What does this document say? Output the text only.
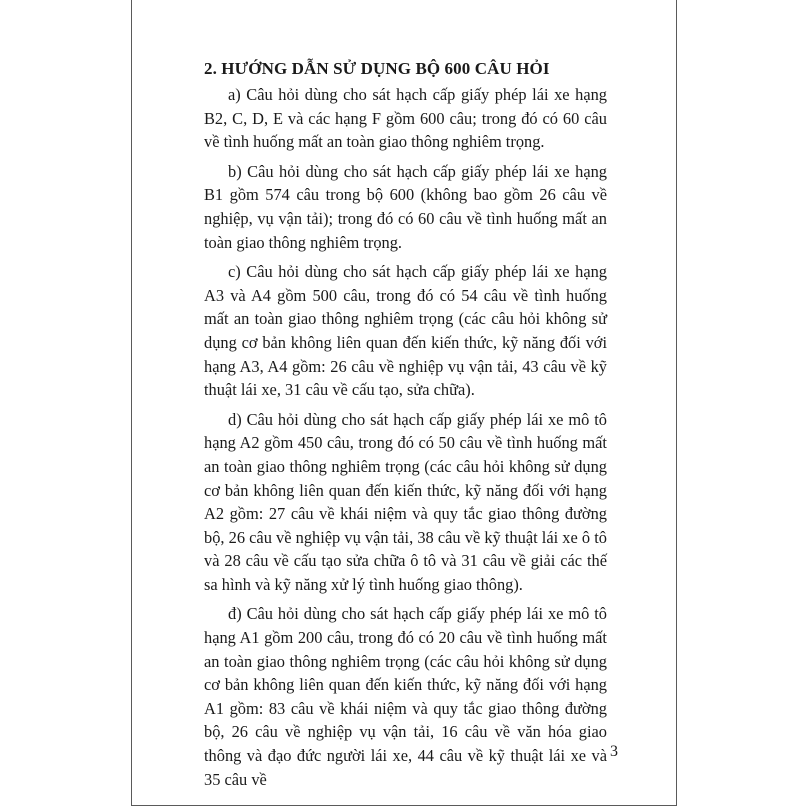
2. HƯỚNG DẪN SỬ DỤNG BỘ 600 CÂU HỎI

a) Câu hỏi dùng cho sát hạch cấp giấy phép lái xe hạng B2, C, D, E và các hạng F gồm 600 câu; trong đó có 60 câu về tình huống mất an toàn giao thông nghiêm trọng.

b) Câu hỏi dùng cho sát hạch cấp giấy phép lái xe hạng B1 gồm 574 câu trong bộ 600 (không bao gồm 26 câu về nghiệp, vụ vận tải); trong đó có 60 câu về tình huống mất an toàn giao thông nghiêm trọng.

c) Câu hỏi dùng cho sát hạch cấp giấy phép lái xe hạng A3 và A4 gồm 500 câu, trong đó có 54 câu về tình huống mất an toàn giao thông nghiêm trọng (các câu hỏi không sử dụng cơ bản không liên quan đến kiến thức, kỹ năng đối với hạng A3, A4 gồm: 26 câu về nghiệp vụ vận tải, 43 câu về kỹ thuật lái xe, 31 câu về cấu tạo, sửa chữa).

d) Câu hỏi dùng cho sát hạch cấp giấy phép lái xe mô tô hạng A2 gồm 450 câu, trong đó có 50 câu về tình huống mất an toàn giao thông nghiêm trọng (các câu hỏi không sử dụng cơ bản không liên quan đến kiến thức, kỹ năng đối với hạng A2 gồm: 27 câu về khái niệm và quy tắc giao thông đường bộ, 26 câu về nghiệp vụ vận tải, 38 câu về kỹ thuật lái xe ô tô và 28 câu về cấu tạo sửa chữa ô tô và 31 câu về giải các thế sa hình và kỹ năng xử lý tình huống giao thông).

đ) Câu hỏi dùng cho sát hạch cấp giấy phép lái xe mô tô hạng A1 gồm 200 câu, trong đó có 20 câu về tình huống mất an toàn giao thông nghiêm trọng (các câu hỏi không sử dụng cơ bản không liên quan đến kiến thức, kỹ năng đối với hạng A1 gồm: 83 câu về khái niệm và quy tắc giao thông đường bộ, 26 câu về nghiệp vụ vận tải, 16 câu về văn hóa giao thông và đạo đức người lái xe, 44 câu về kỹ thuật lái xe và 35 câu về

3
